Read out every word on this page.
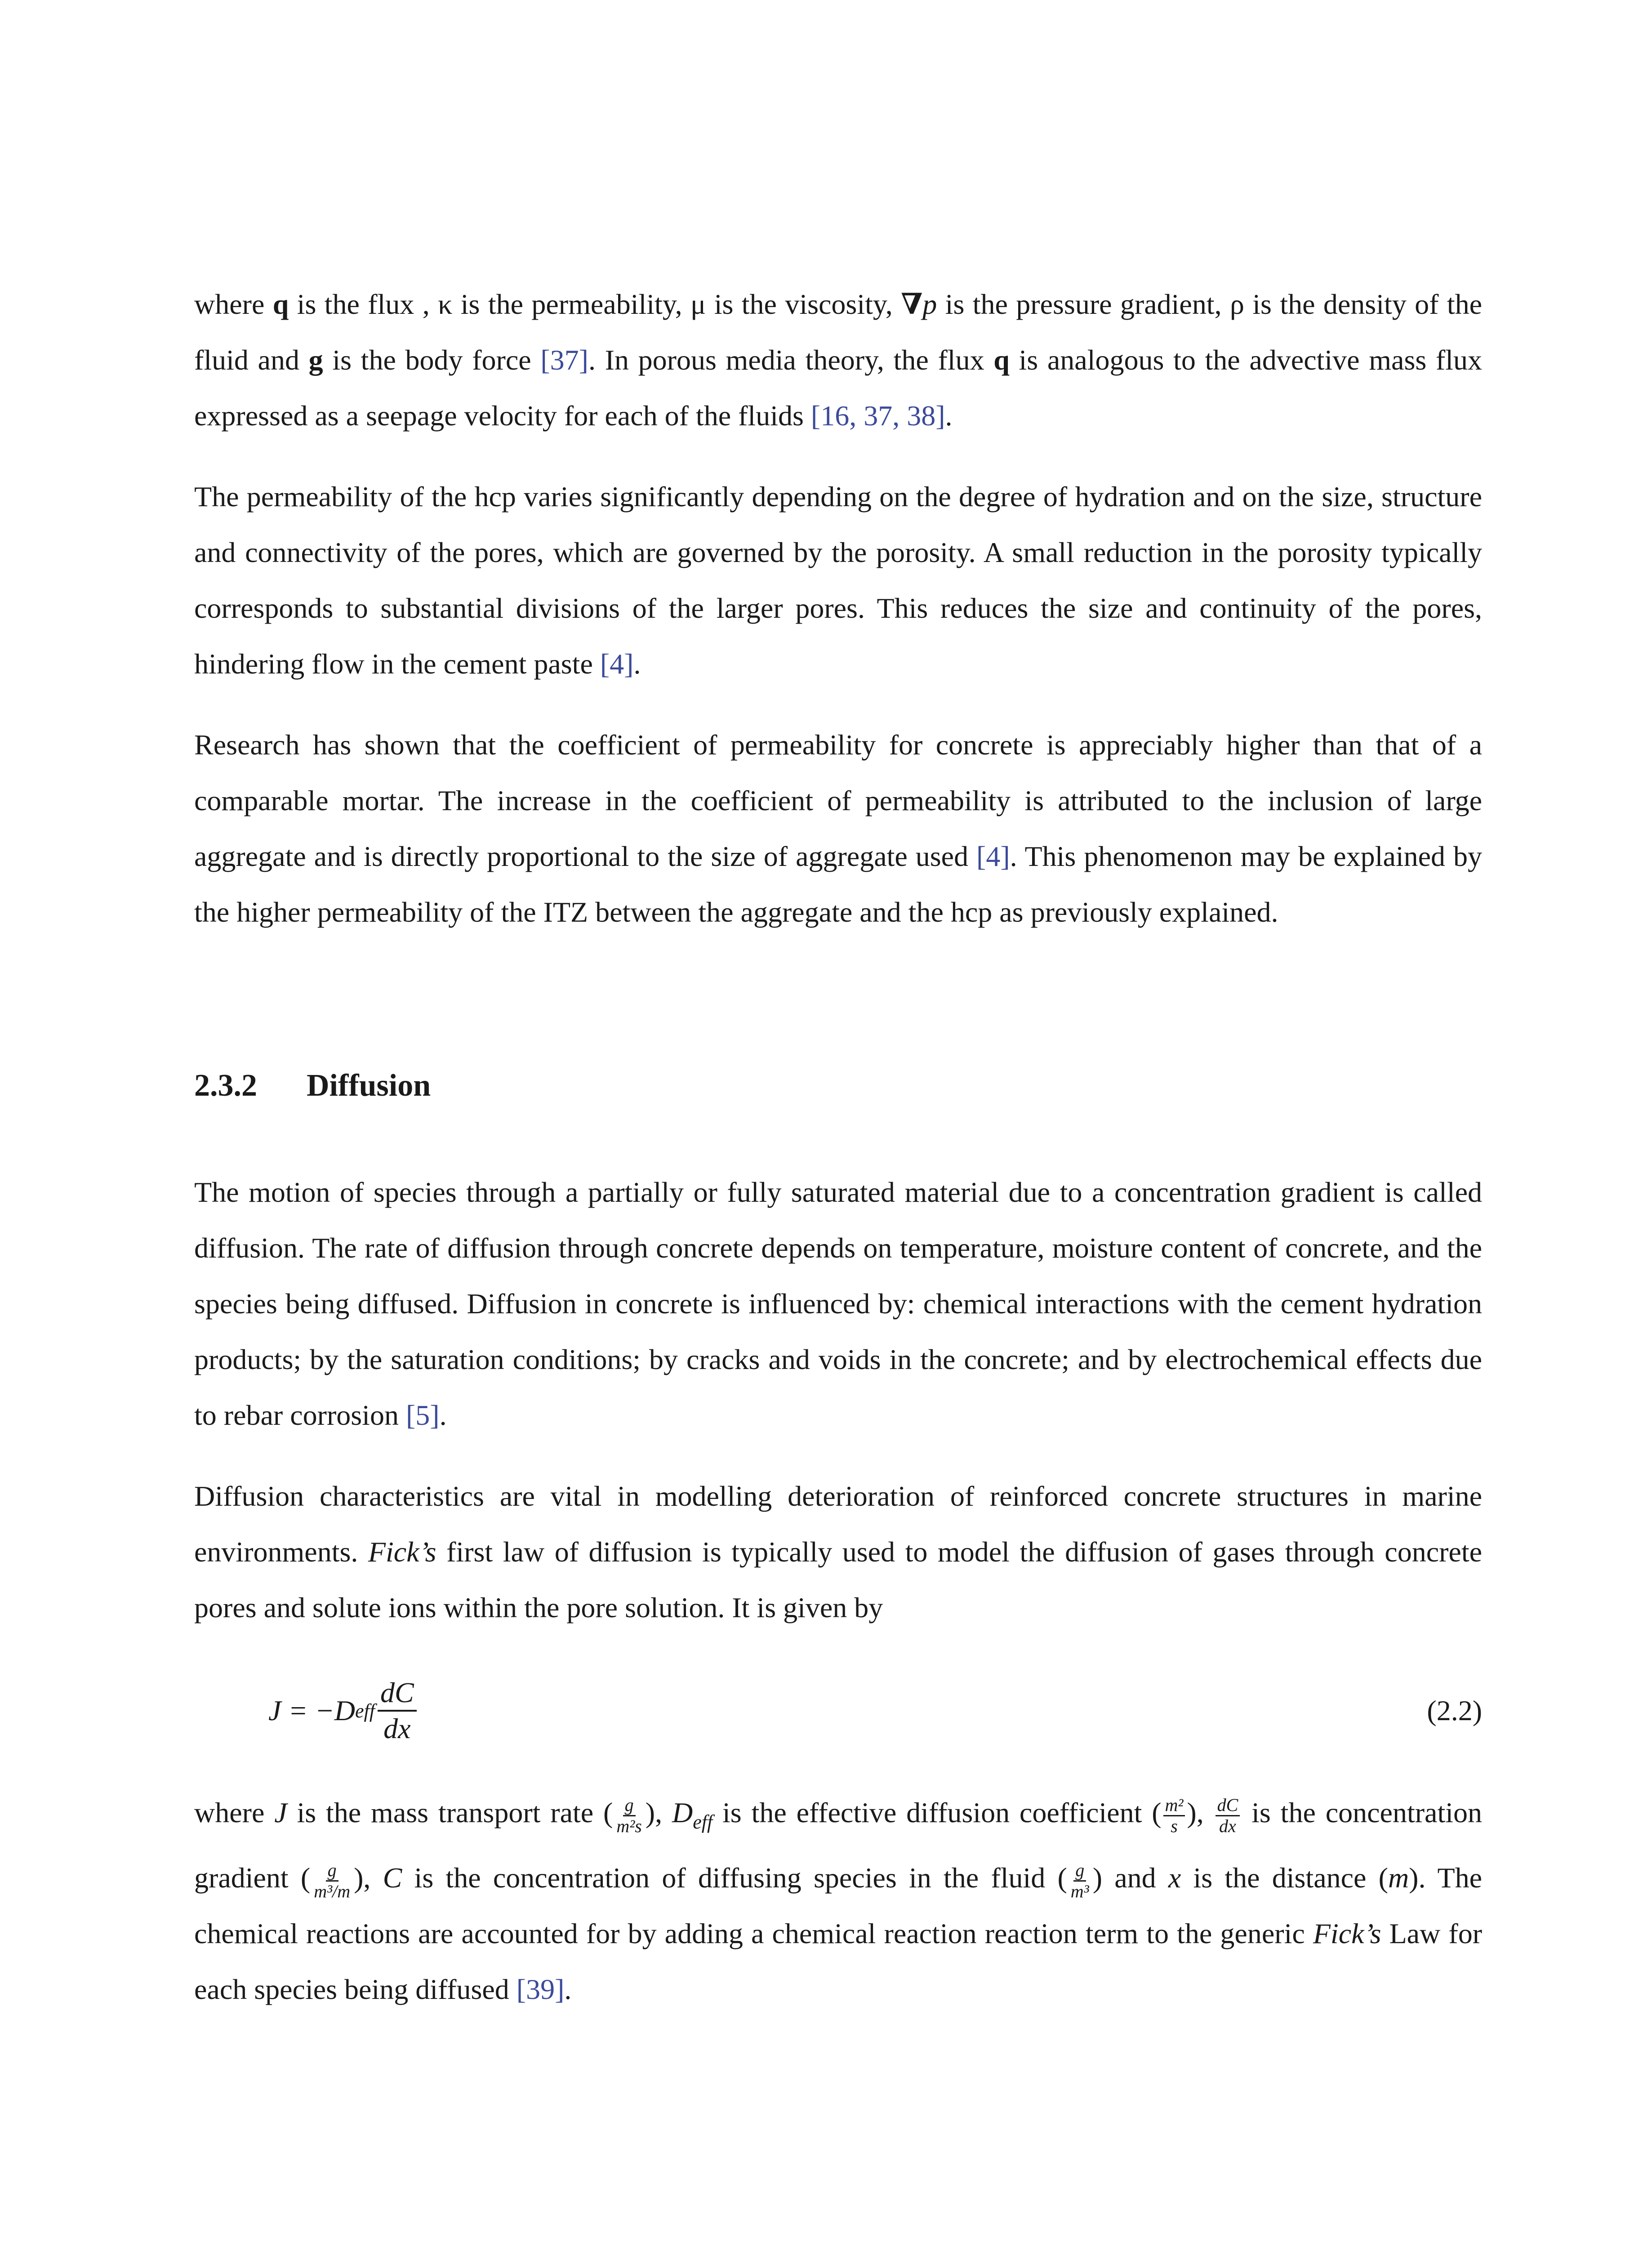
where q is the flux , κ is the permeability, μ is the viscosity, ∇p is the pressure gradient, ρ is the density of the fluid and g is the body force [37]. In porous media theory, the flux q is analogous to the advective mass flux expressed as a seepage velocity for each of the fluids [16, 37, 38].

The permeability of the hcp varies significantly depending on the degree of hydration and on the size, structure and connectivity of the pores, which are governed by the porosity. A small reduction in the porosity typically corresponds to substantial divisions of the larger pores. This reduces the size and continuity of the pores, hindering flow in the cement paste [4].

Research has shown that the coefficient of permeability for concrete is appreciably higher than that of a comparable mortar. The increase in the coefficient of permeability is attributed to the inclusion of large aggregate and is directly proportional to the size of aggregate used [4]. This phenomenon may be explained by the higher permeability of the ITZ between the aggregate and the hcp as previously explained.

2.3.2 Diffusion

The motion of species through a partially or fully saturated material due to a concentration gradient is called diffusion. The rate of diffusion through concrete depends on temperature, moisture content of concrete, and the species being diffused. Diffusion in concrete is influenced by: chemical interactions with the cement hydration products; by the saturation conditions; by cracks and voids in the concrete; and by electrochemical effects due to rebar corrosion [5].

Diffusion characteristics are vital in modelling deterioration of reinforced concrete structures in marine environments. Fick’s first law of diffusion is typically used to model the diffusion of gases through concrete pores and solute ions within the pore solution. It is given by

J = −D eff $\frac{dC}{dx}$	(2.2)

where J is the mass transport rate ( $\frac{g}{\text{m²s}}$ ), $D_{eff}$ is the effective diffusion coefficient ( $\frac{\text{m²}}{s}$ ), $\frac{dC}{dx}$ is the concentration gradient ( $\frac{g}{\text{m³/m}}$ ), C is the concentration of diffusing species in the fluid ( $\frac{g}{\text{m³}}$ ) and x is the distance (m). The chemical reactions are accounted for by adding a chemical reaction reaction term to the generic Fick’s Law for each species being diffused [39].
